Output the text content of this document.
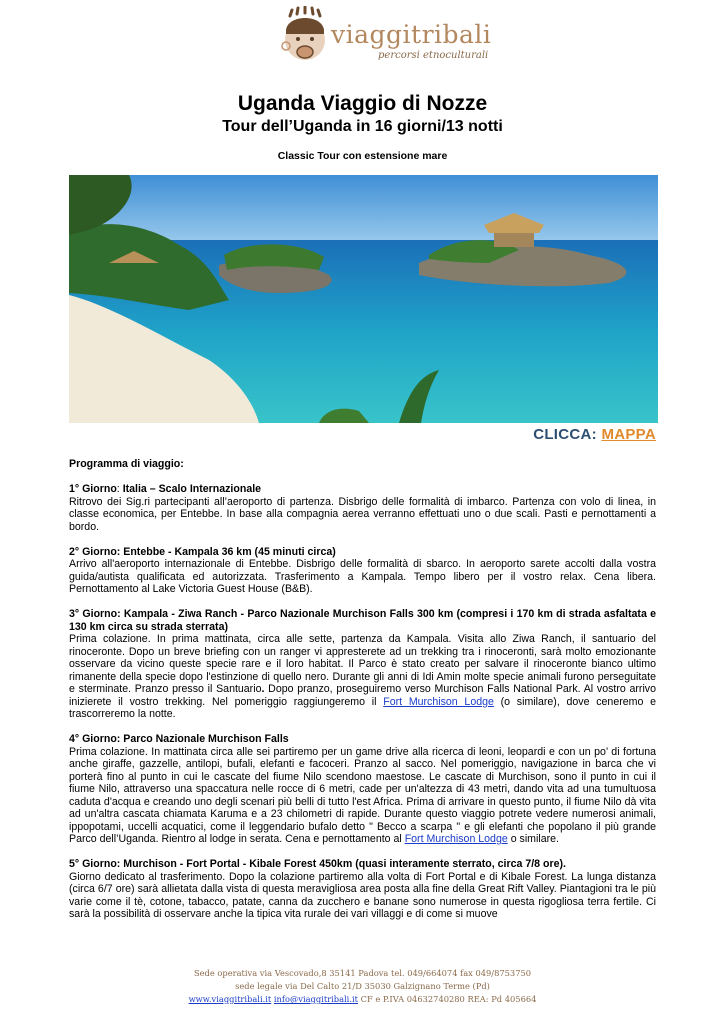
viaggitribali
percorsi etnoculturali
Uganda Viaggio di Nozze
Tour dell’Uganda in 16 giorni/13 notti
Classic Tour con estensione mare
CLICCA: MAPPA

Programma di viaggio:

1° Giorno: Italia – Scalo Internazionale

Ritrovo dei Sig.ri partecipanti all’aeroporto di partenza. Disbrigo delle formalità di imbarco. Partenza con volo di linea, in classe economica, per Entebbe. In base alla compagnia aerea verranno effettuati uno o due scali. Pasti e pernottamenti a bordo.

2° Giorno: Entebbe - Kampala 36 km (45 minuti circa)

Arrivo all'aeroporto internazionale di Entebbe. Disbrigo delle formalità di sbarco. In aeroporto sarete accolti dalla vostra guida/autista qualificata ed autorizzata. Trasferimento a Kampala. Tempo libero per il vostro relax. Cena libera. Pernottamento al Lake Victoria Guest House (B&B).

3° Giorno: Kampala - Ziwa Ranch - Parco Nazionale Murchison Falls 300 km (compresi i 170 km di strada asfaltata e 130 km circa su strada sterrata)

Prima colazione. In prima mattinata, circa alle sette, partenza da Kampala. Visita allo Ziwa Ranch, il santuario del rinoceronte. Dopo un breve briefing con un ranger vi appresterete ad un trekking tra i rinoceronti, sarà molto emozionante osservare da vicino queste specie rare e il loro habitat. Il Parco è stato creato per salvare il rinoceronte bianco ultimo rimanente della specie dopo l'estinzione di quello nero. Durante gli anni di Idi Amin molte specie animali furono perseguitate e sterminate. Pranzo presso il Santuario. Dopo pranzo, proseguiremo verso Murchison Falls National Park. Al vostro arrivo inizierete il vostro trekking. Nel pomeriggio raggiungeremo il Fort Murchison Lodge (o similare), dove ceneremo e trascorreremo la notte.

4° Giorno: Parco Nazionale Murchison Falls

Prima colazione. In mattinata circa alle sei partiremo per un game drive alla ricerca di leoni, leopardi e con un po’ di fortuna anche giraffe, gazzelle, antilopi, bufali, elefanti e facoceri. Pranzo al sacco. Nel pomeriggio, navigazione in barca che vi porterà fino al punto in cui le cascate del fiume Nilo scendono maestose. Le cascate di Murchison, sono il punto in cui il fiume Nilo, attraverso una spaccatura nelle rocce di 6 metri, cade per un'altezza di 43 metri, dando vita ad una tumultuosa caduta d'acqua e creando uno degli scenari più belli di tutto l'est Africa. Prima di arrivare in questo punto, il fiume Nilo dà vita ad un'altra cascata chiamata Karuma e a 23 chilometri di rapide. Durante questo viaggio potrete vedere numerosi animali, ippopotami, uccelli acquatici, come il leggendario bufalo detto " Becco a scarpa " e gli elefanti che popolano il più grande Parco dell’Uganda. Rientro al lodge in serata. Cena e pernottamento al Fort Murchison Lodge o similare.

5° Giorno: Murchison - Fort Portal - Kibale Forest 450km (quasi interamente sterrato, circa 7/8 ore).

Giorno dedicato al trasferimento. Dopo la colazione partiremo alla volta di Fort Portal e di Kibale Forest. La lunga distanza (circa 6/7 ore) sarà allietata dalla vista di questa meravigliosa area posta alla fine della Great Rift Valley. Piantagioni tra le più varie come il tè, cotone, tabacco, patate, canna da zucchero e banane sono numerose in questa rigogliosa terra fertile. Ci sarà la possibilità di osservare anche la tipica vita rurale dei vari villaggi e di come si muove

Sede operativa via Vescovado,8 35141 Padova tel. 049/664074 fax 049/8753750
sede legale via Del Calto 21/D 35030 Galzignano Terme (Pd)
www.viaggitribali.it info@viaggitribali.it CF e P.IVA 04632740280 REA: Pd 405664
